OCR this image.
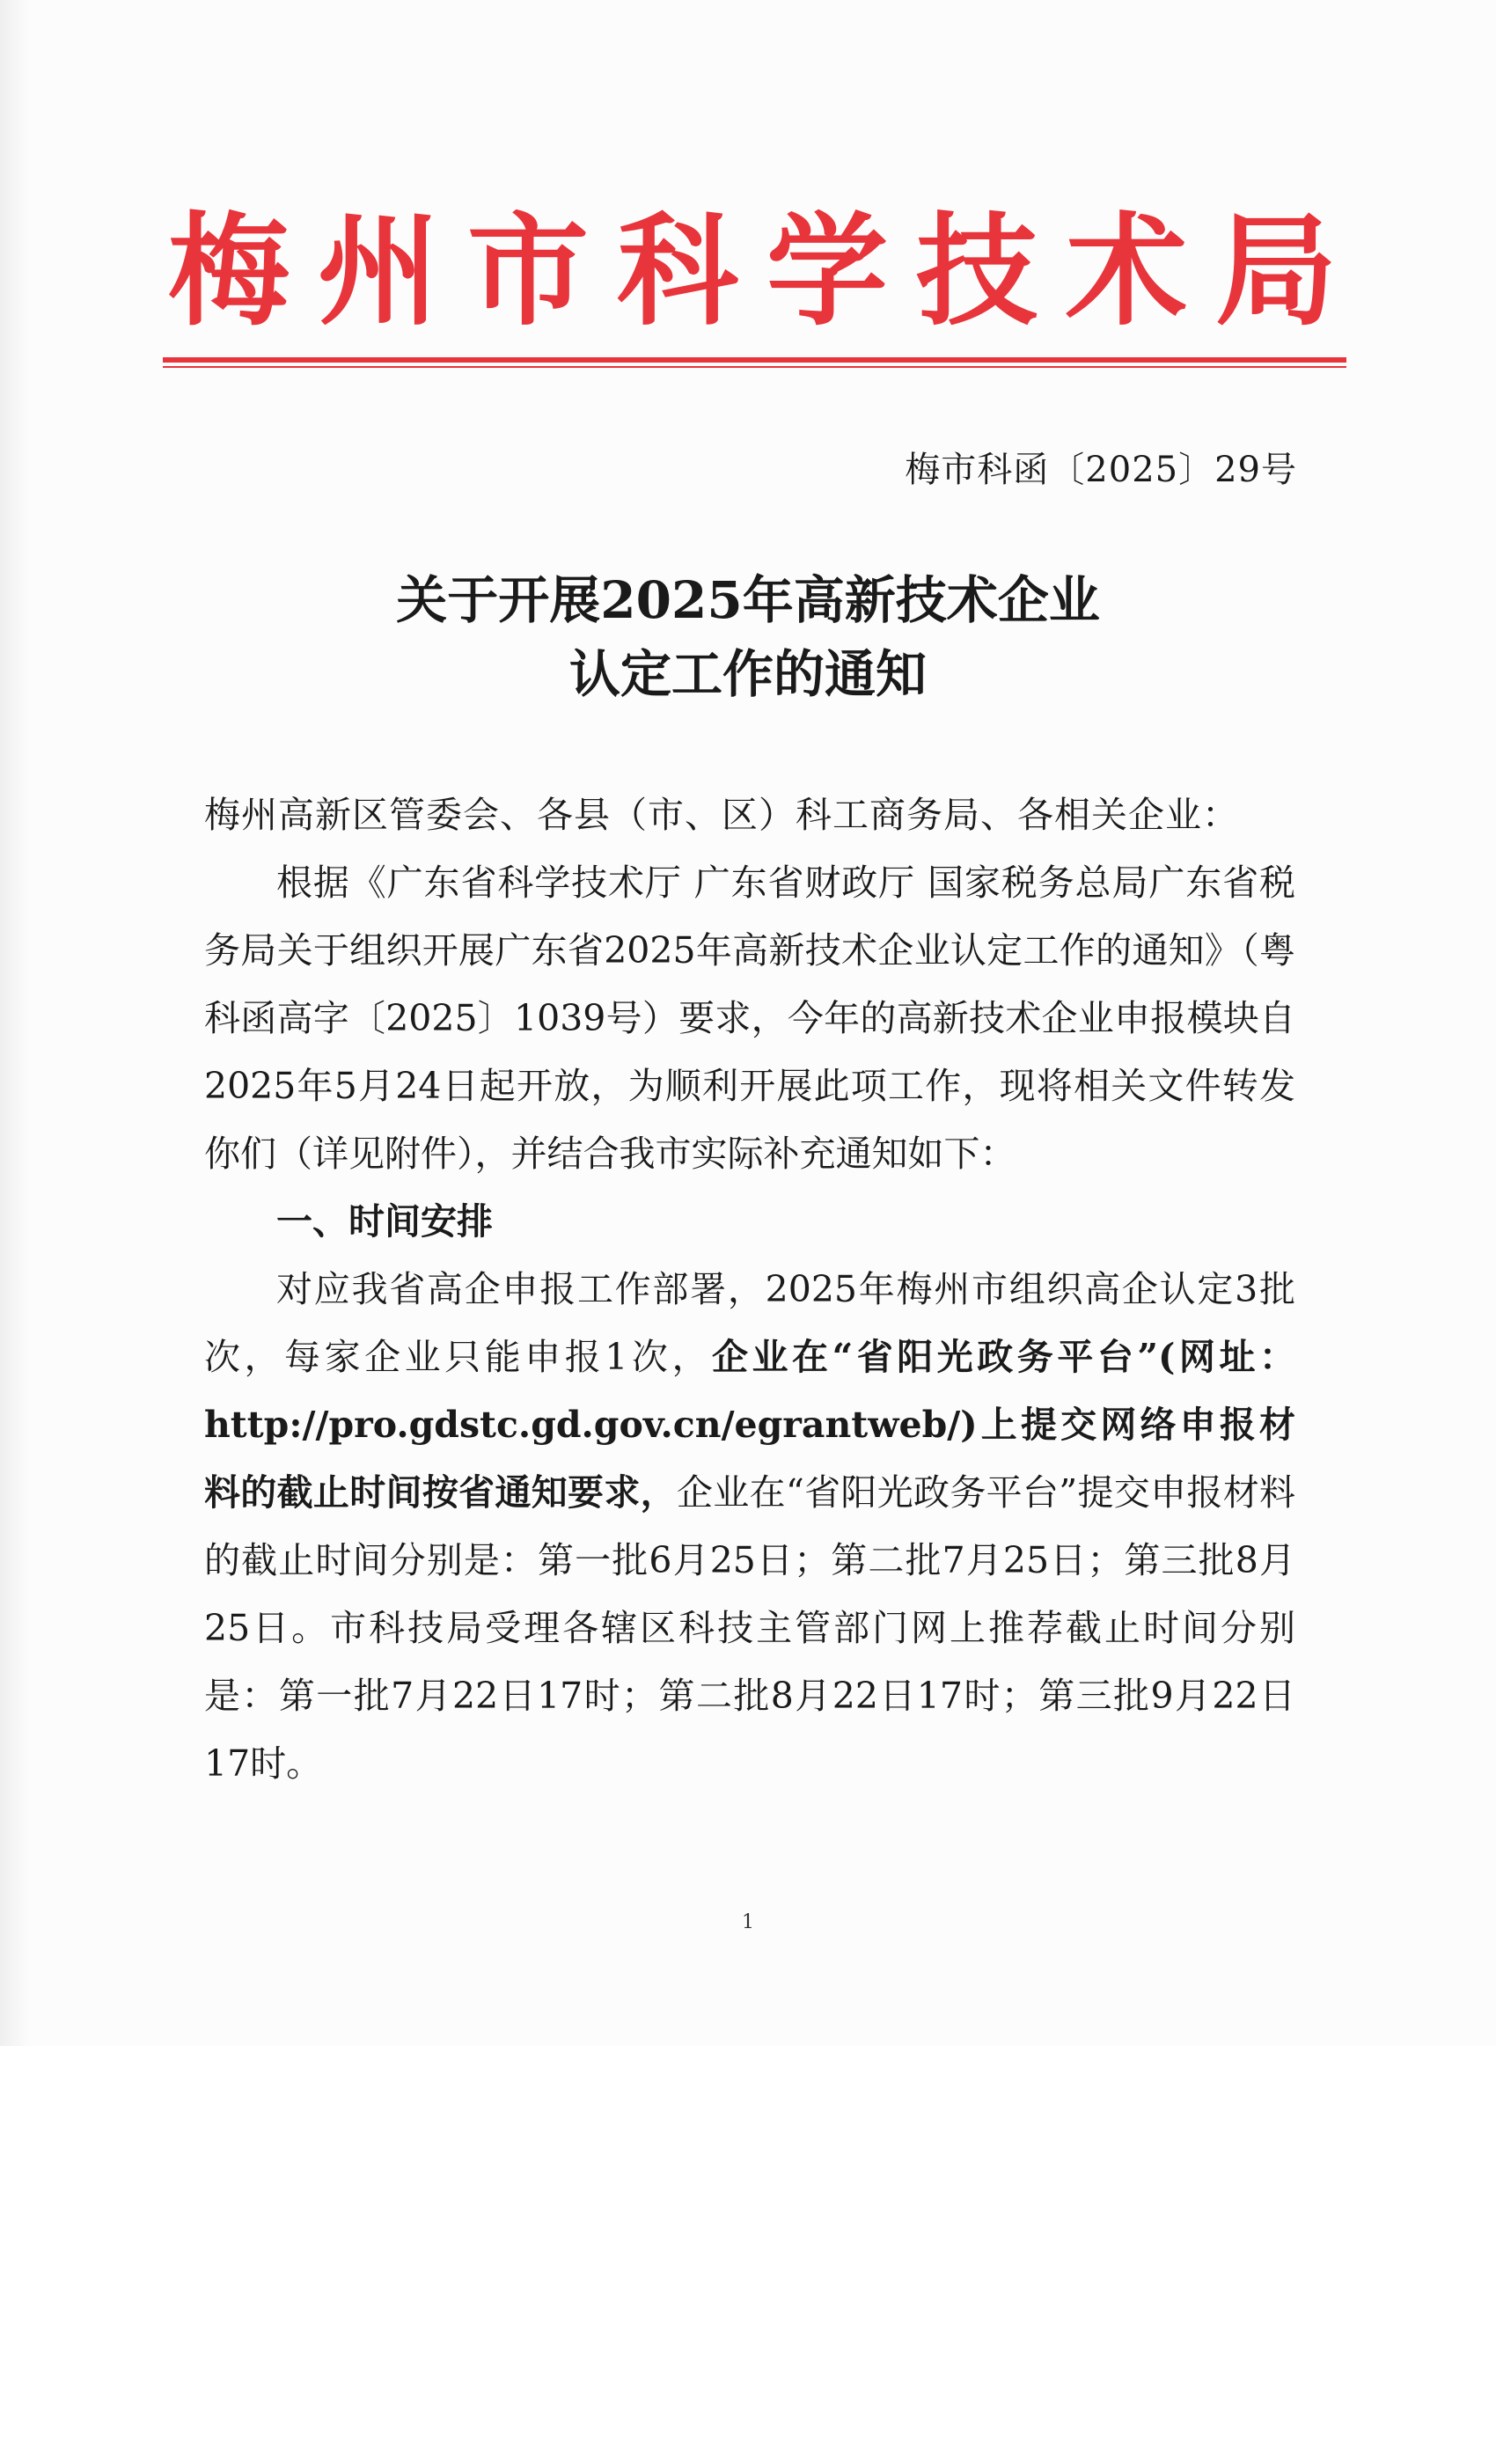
梅 州 市 科 学 技 术 局
梅市科函〔2025〕29号
关于开展2025年高新技术企业
认定工作的通知

梅州高新区管委会、各县（市、区）科工商务局、各相关企业：

根据《广东省科学技术厅 广东省财政厅 国家税务总局广东省税务局关于组织开展广东省2025年高新技术企业认定工作的通知》（粤科函高字〔2025〕1039号）要求，今年的高新技术企业申报模块自2025年5月24日起开放，为顺利开展此项工作，现将相关文件转发你们（详见附件），并结合我市实际补充通知如下：

一、时间安排

对应我省高企申报工作部署，2025年梅州市组织高企认定3批次，每家企业只能申报1次，企业在“省阳光政务平台”(网址：http://pro.gdstc.gd.gov.cn/egrantweb/)上提交网络申报材料的截止时间按省通知要求，企业在“省阳光政务平台”提交申报材料的截止时间分别是：第一批6月25日；第二批7月25日；第三批8月25日。市科技局受理各辖区科技主管部门网上推荐截止时间分别是：第一批7月22日17时；第二批8月22日17时；第三批9月22日17时。

1
